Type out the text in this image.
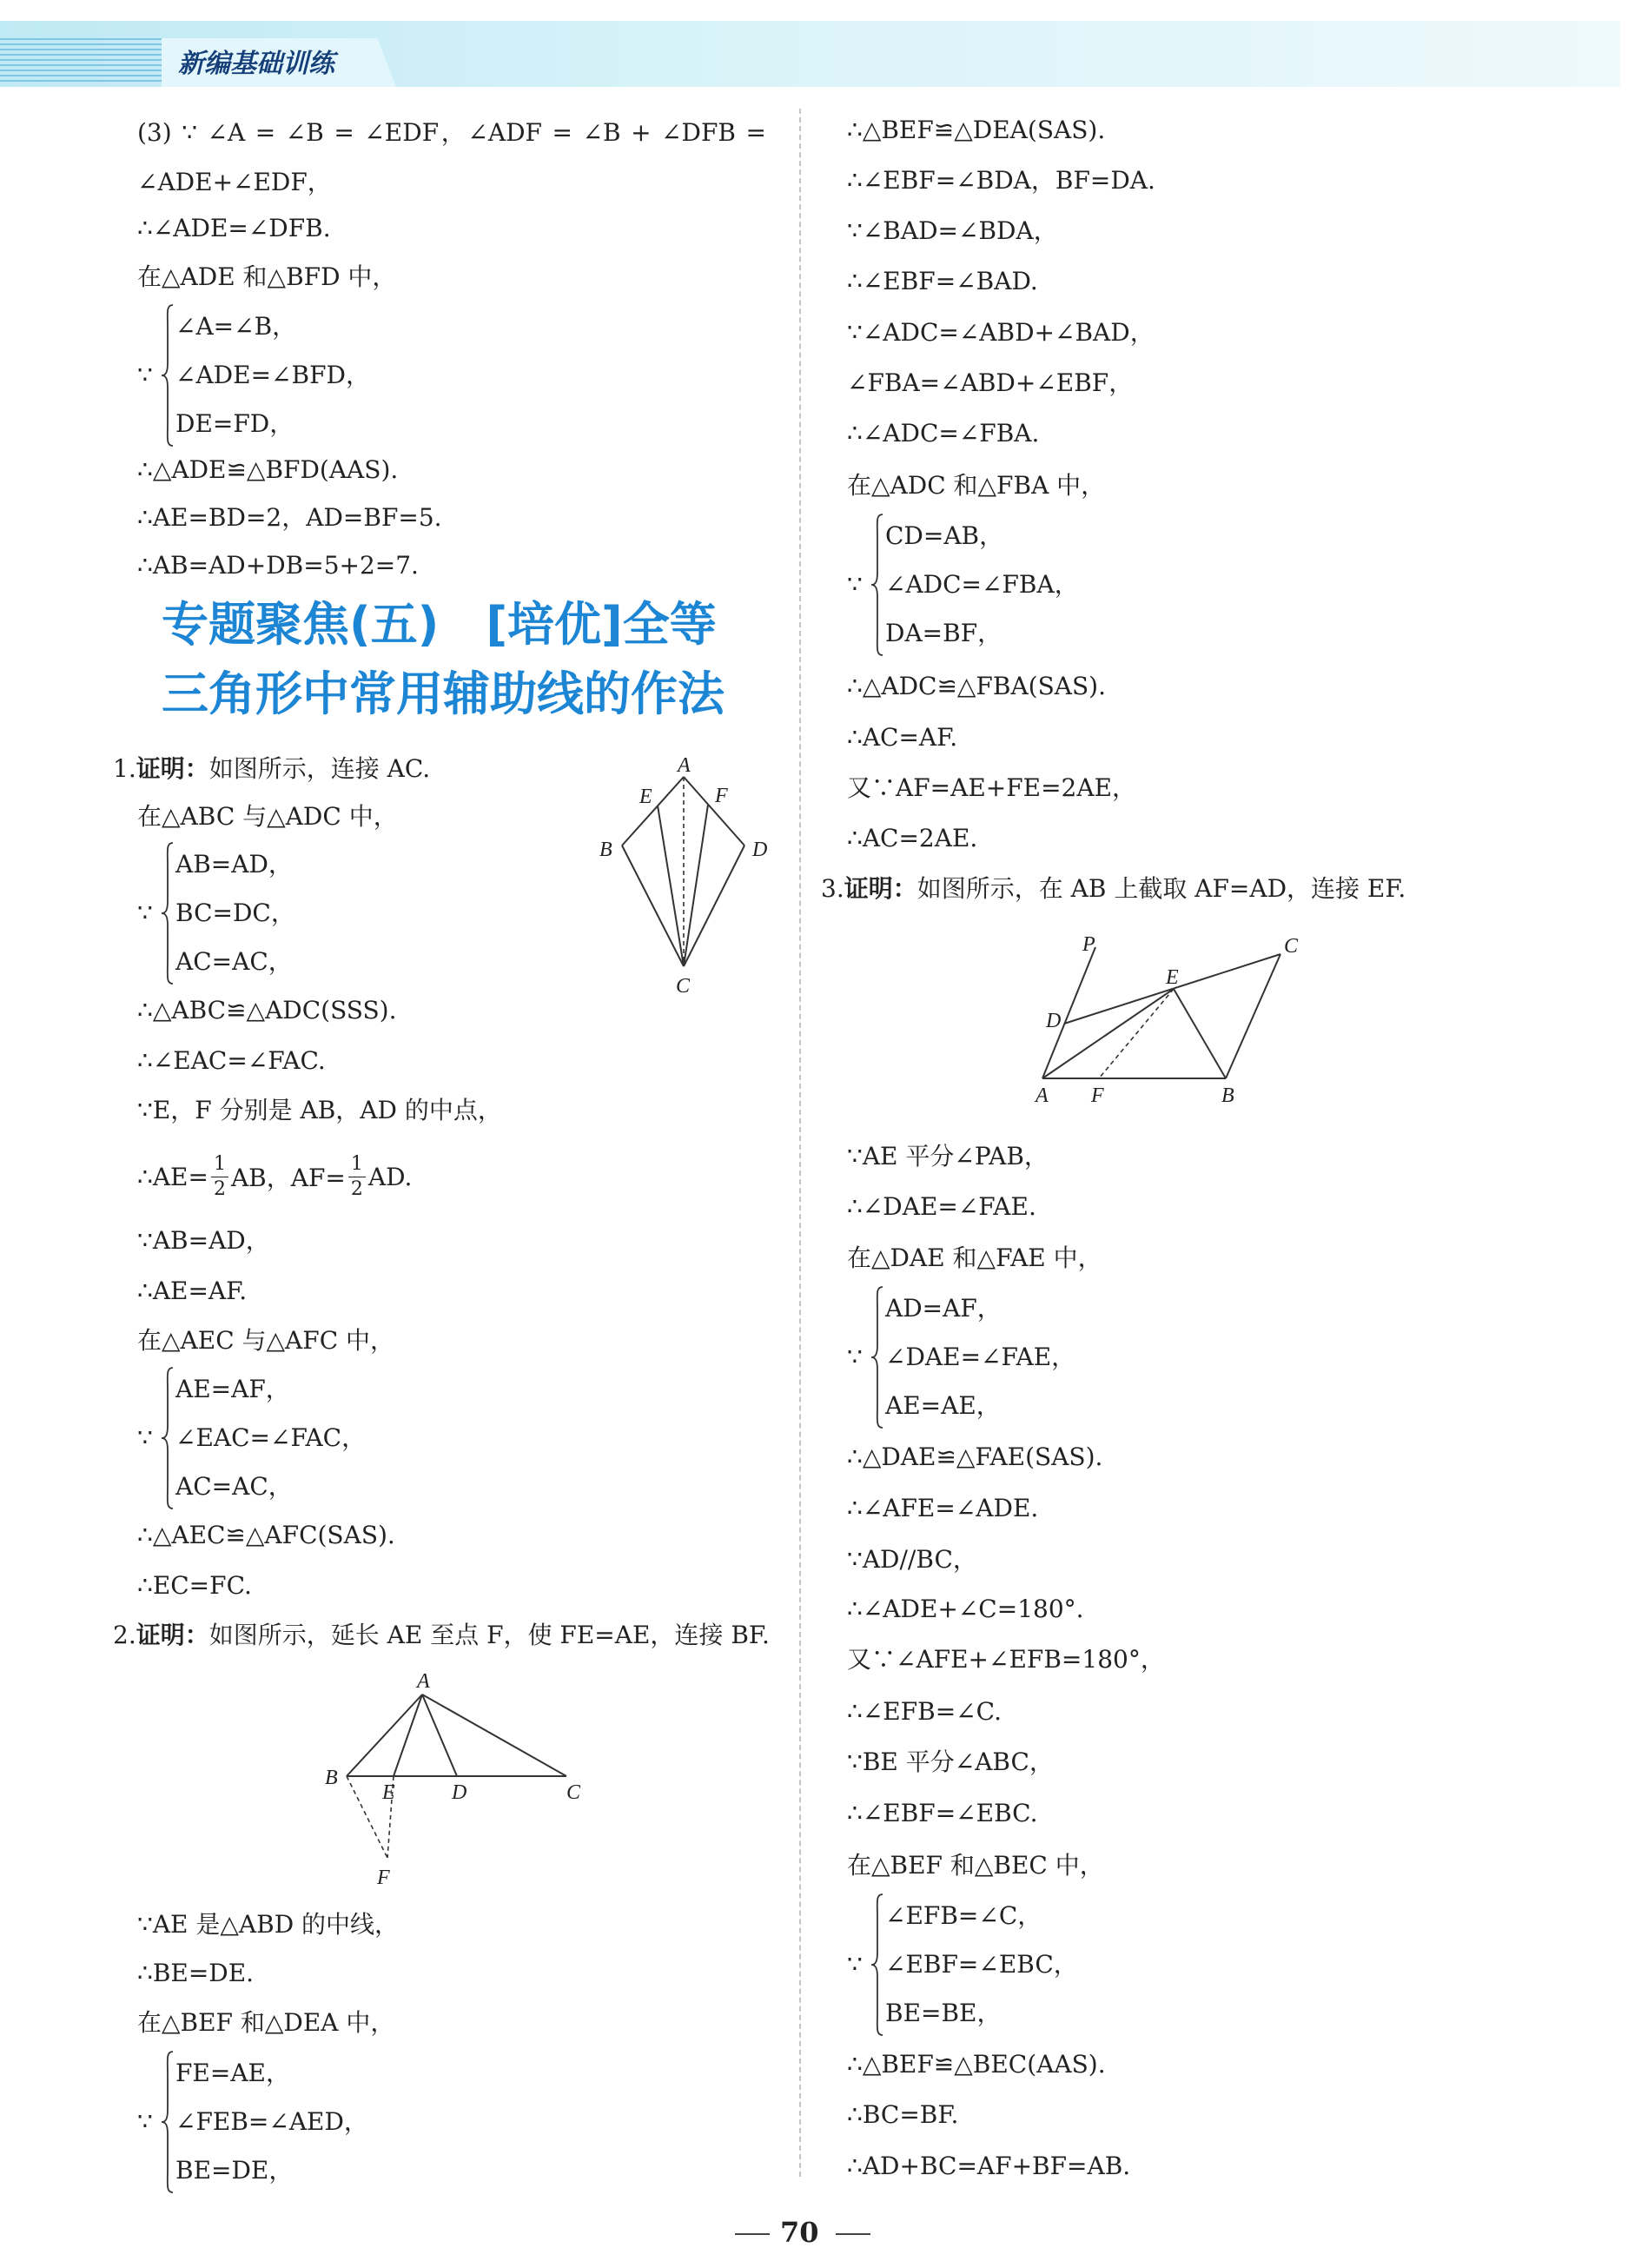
新编基础训练
(3) ∵ ∠A = ∠B = ∠EDF，∠ADF = ∠B + ∠DFB =
∠ADE+∠EDF，
∴∠ADE=∠DFB.
在△ADE 和△BFD 中，
∵
∠A=∠B，
∠ADE=∠BFD，
DE=FD，
∴△ADE≌△BFD(AAS).
∴AE=BD=2，AD=BF=5.
∴AB=AD+DB=5+2=7.
专题聚焦(五)　[培优]全等
三角形中常用辅助线的作法
1.证明：如图所示，连接 AC.	A
E	F
B	D
C
在△ABC 与△ADC 中，
∵
AB=AD，
BC=DC，
AC=AC，
∴△ABC≌△ADC(SSS).
∴∠EAC=∠FAC.
∵E，F 分别是 AB，AD 的中点，
∴AE= $\frac{1}{2}$ AB，$AF= \frac{1}{2}$ AD.
∵AB=AD，
∴AE=AF.
在△AEC 与△AFC 中，
∵
AE=AF，
∠EAC=∠FAC，
AC=AC，
∴△AEC≌△AFC(SAS).
∴EC=FC.
2.证明：如图所示，延长 AE 至点 F，使 FE=AE，连接 BF.
A
B
E	D	C
F
∵AE 是△ABD 的中线，
∴BE=DE.
在△BEF 和△DEA 中，
∵
FE=AE，
∠FEB=∠AED，
BE=DE，
∴△BEF≌△DEA(SAS).
∴∠EBF=∠BDA，BF=DA.
∵∠BAD=∠BDA，
∴∠EBF=∠BAD.
∵∠ADC=∠ABD+∠BAD，
∠FBA=∠ABD+∠EBF，
∴∠ADC=∠FBA.
在△ADC 和△FBA 中，
∵
CD=AB，
∠ADC=∠FBA，
DA=BF，
∴△ADC≌△FBA(SAS).
∴AC=AF.
又∵AF=AE+FE=2AE，
∴AC=2AE.
3.证明：如图所示，在 AB 上截取 AF=AD，连接 EF.
P	C
E
D
A F	B
∵AE 平分∠PAB，
∴∠DAE=∠FAE.
在△DAE 和△FAE 中，
∵
AD=AF，
∠DAE=∠FAE，
AE=AE，
∴△DAE≌△FAE(SAS).
∴∠AFE=∠ADE.
∵AD//BC，
∴∠ADE+∠C=180°.
又∵∠AFE+∠EFB=180°，
∴∠EFB=∠C.
∵BE 平分∠ABC，
∴∠EBF=∠EBC.
在△BEF 和△BEC 中，
∵
∠EFB=∠C，
∠EBF=∠EBC，
BE=BE，
∴△BEF≌△BEC(AAS).
∴BC=BF.
∴AD+BC=AF+BF=AB.
70
